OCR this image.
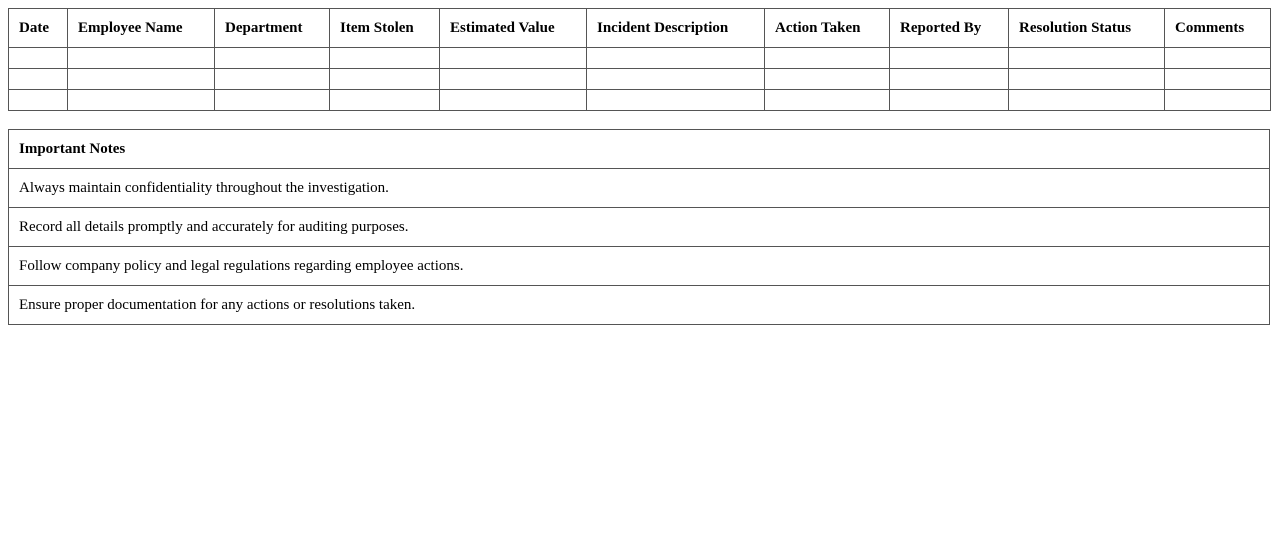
Date	Employee Name	Department	Item Stolen	Estimated Value	Incident Description	Action Taken	Reported By	Resolution Status	Comments

Important Notes
Always maintain confidentiality throughout the investigation.
Record all details promptly and accurately for auditing purposes.
Follow company policy and legal regulations regarding employee actions.
Ensure proper documentation for any actions or resolutions taken.
